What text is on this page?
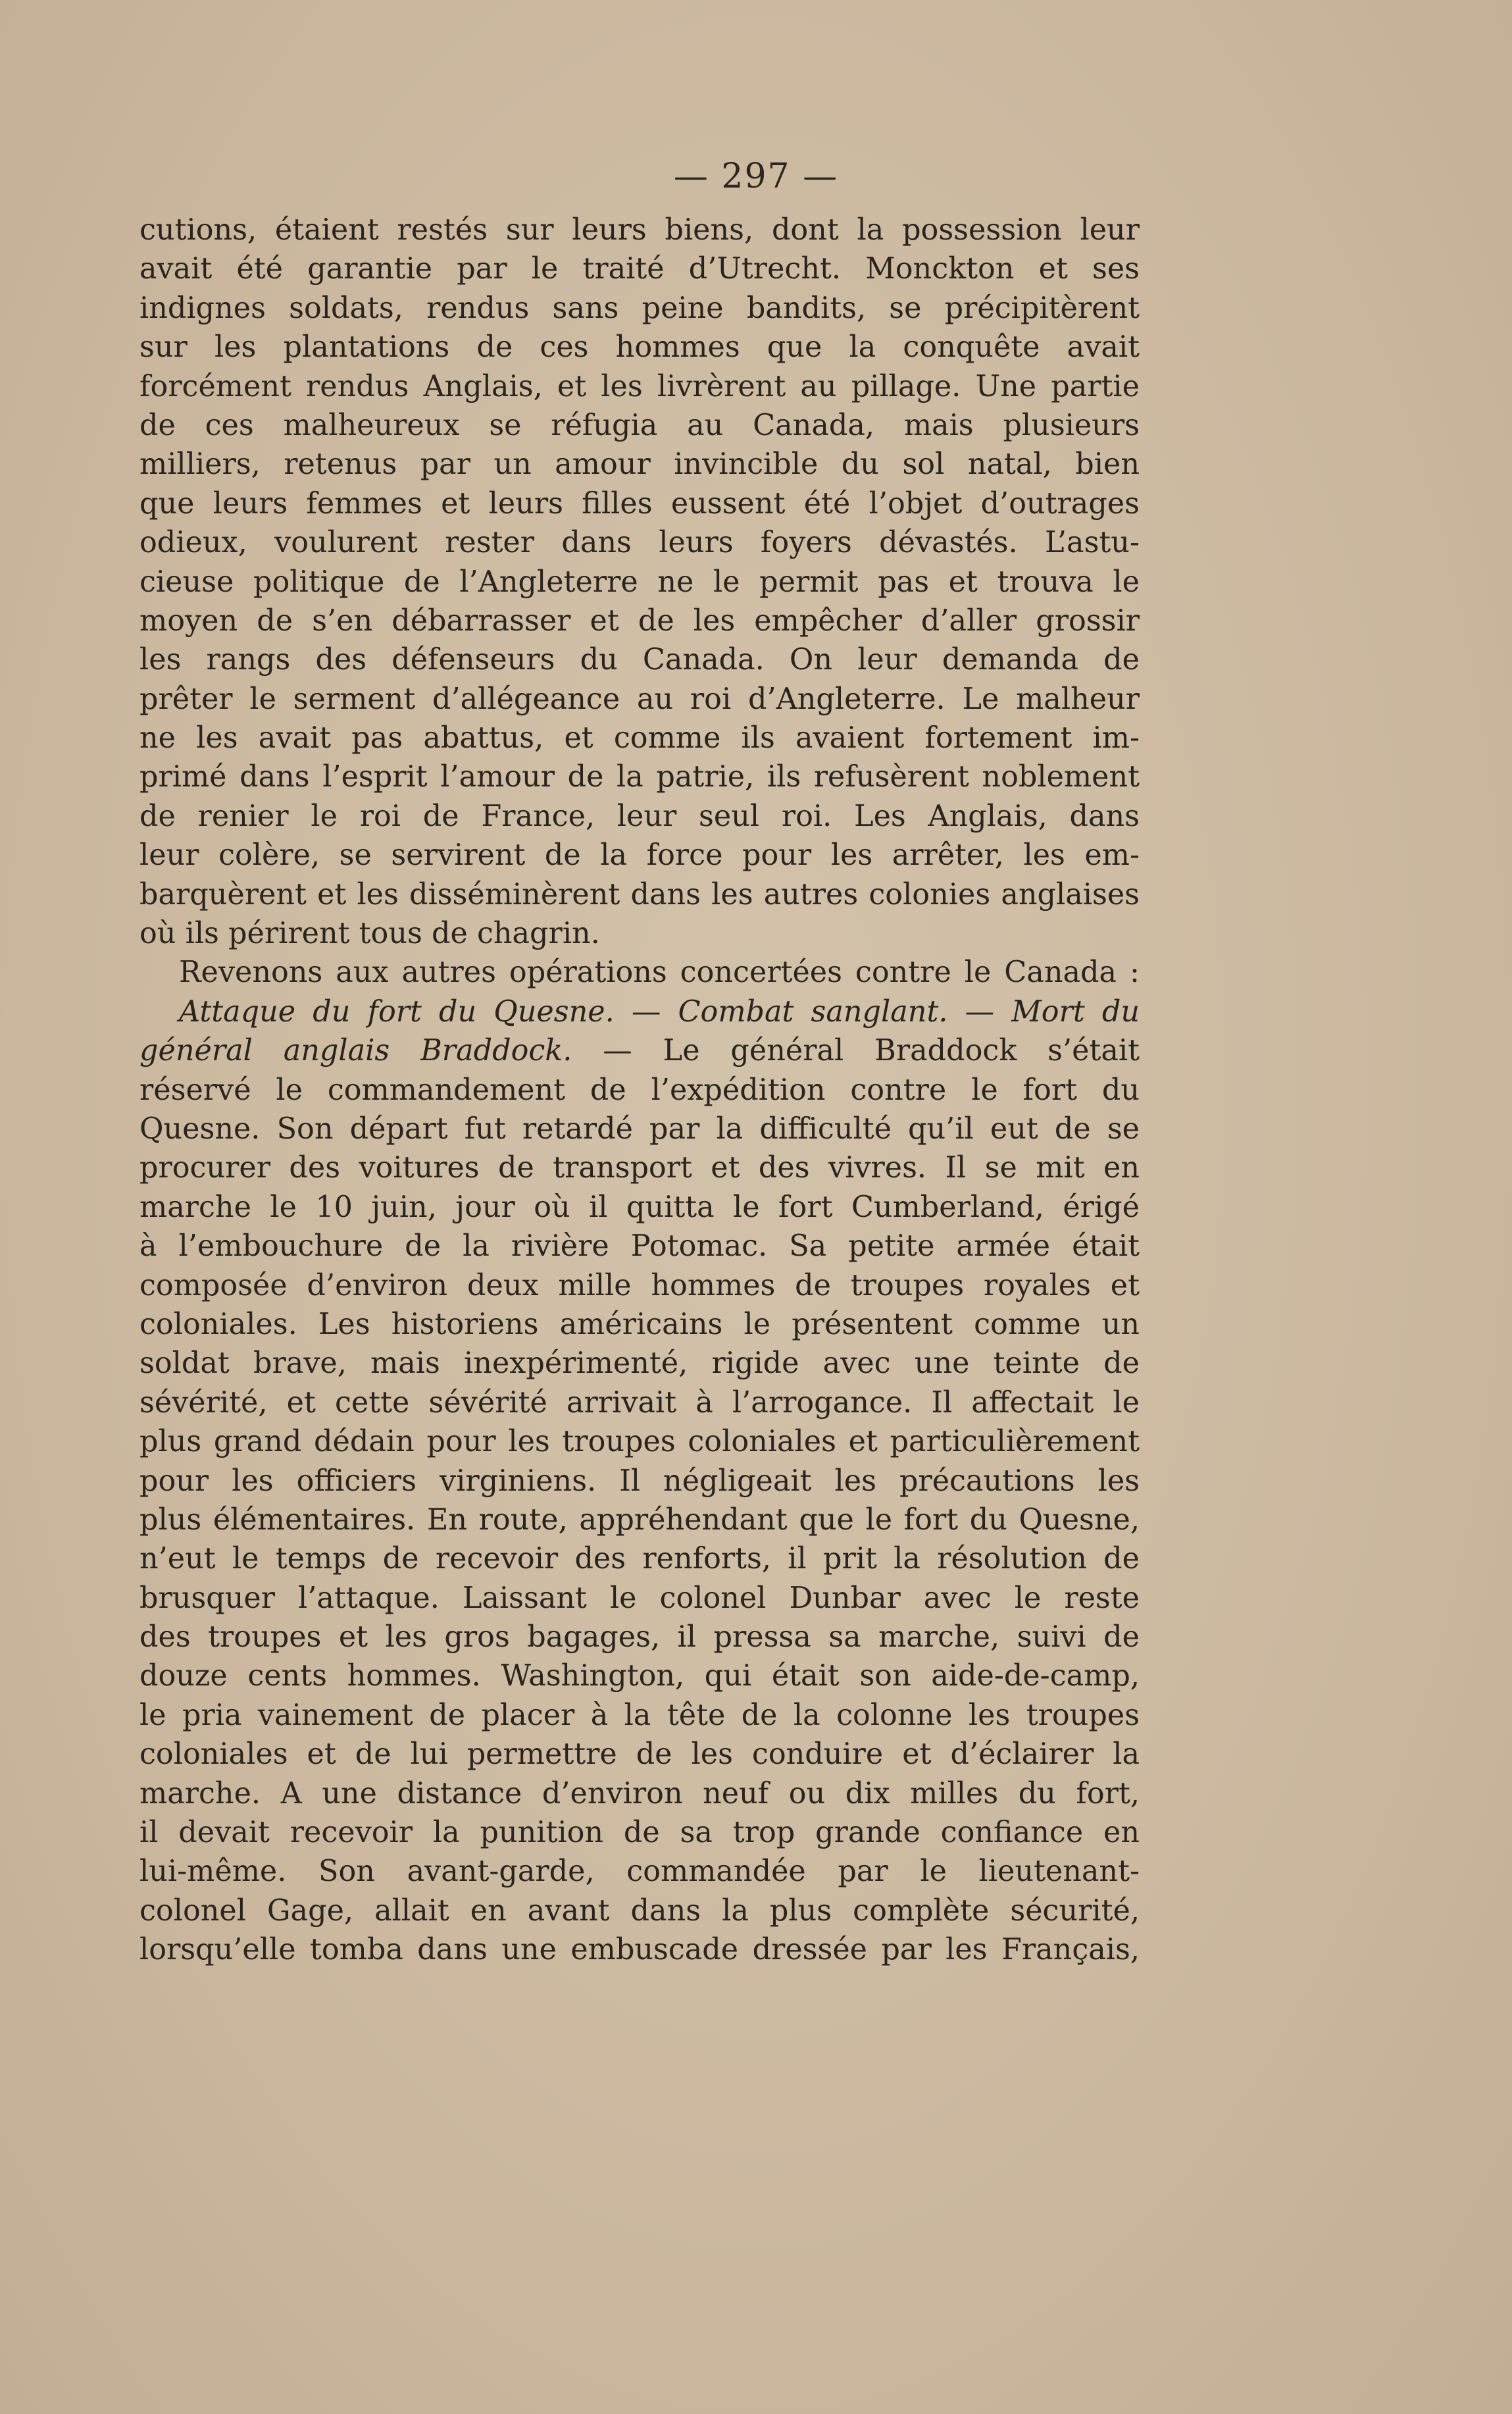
— 297 —
cutions, étaient restés sur leurs biens, dont la possession leur
avait été garantie par le traité d’Utrecht. Monckton et ses
indignes soldats, rendus sans peine bandits, se précipitèrent
sur les plantations de ces hommes que la conquête avait
forcément rendus Anglais, et les livrèrent au pillage. Une partie
de ces malheureux se réfugia au Canada, mais plusieurs
milliers, retenus par un amour invincible du sol natal, bien
que leurs femmes et leurs filles eussent été l’objet d’outrages
odieux, voulurent rester dans leurs foyers dévastés. L’astu-
cieuse politique de l’Angleterre ne le permit pas et trouva le
moyen de s’en débarrasser et de les empêcher d’aller grossir
les rangs des défenseurs du Canada. On leur demanda de
prêter le serment d’allégeance au roi d’Angleterre. Le malheur
ne les avait pas abattus, et comme ils avaient fortement im-
primé dans l’esprit l’amour de la patrie, ils refusèrent noblement
de renier le roi de France, leur seul roi. Les Anglais, dans
leur colère, se servirent de la force pour les arrêter, les em-
barquèrent et les disséminèrent dans les autres colonies anglaises
où ils périrent tous de chagrin.
Revenons aux autres opérations concertées contre le Canada :
Attaque du fort du Quesne. — Combat sanglant. — Mort du
général anglais Braddock. — Le général Braddock s’était
réservé le commandement de l’expédition contre le fort du
Quesne. Son départ fut retardé par la difficulté qu’il eut de se
procurer des voitures de transport et des vivres. Il se mit en
marche le 10 juin, jour où il quitta le fort Cumberland, érigé
à l’embouchure de la rivière Potomac. Sa petite armée était
composée d’environ deux mille hommes de troupes royales et
coloniales. Les historiens américains le présentent comme un
soldat brave, mais inexpérimenté, rigide avec une teinte de
sévérité, et cette sévérité arrivait à l’arrogance. Il affectait le
plus grand dédain pour les troupes coloniales et particulièrement
pour les officiers virginiens. Il négligeait les précautions les
plus élémentaires. En route, appréhendant que le fort du Quesne,
n’eut le temps de recevoir des renforts, il prit la résolution de
brusquer l’attaque. Laissant le colonel Dunbar avec le reste
des troupes et les gros bagages, il pressa sa marche, suivi de
douze cents hommes. Washington, qui était son aide-de-camp,
le pria vainement de placer à la tête de la colonne les troupes
coloniales et de lui permettre de les conduire et d’éclairer la
marche. A une distance d’environ neuf ou dix milles du fort,
il devait recevoir la punition de sa trop grande confiance en
lui-même. Son avant-garde, commandée par le lieutenant-
colonel Gage, allait en avant dans la plus complète sécurité,
lorsqu’elle tomba dans une embuscade dressée par les Français,
